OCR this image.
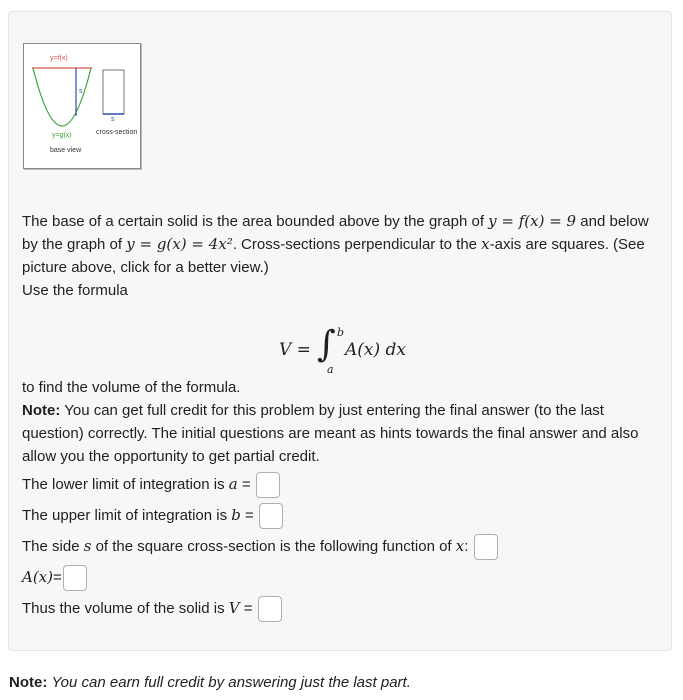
y=f(x)
s
s
y=g(x)	cross-section
base view
The base of a certain solid is the area bounded above by the graph of y = f(x) = 9 and below by the graph of y = g(x) = 4x². Cross-sections perpendicular to the x-axis are squares. (See picture above, click for a better view.)
Use the formula
V = ∫ b
a
A(x) dx
to find the volume of the formula.
Note: You can get full credit for this problem by just entering the final answer (to the last question) correctly. The initial questions are meant as hints towards the final answer and also allow you the opportunity to get partial credit.
The lower limit of integration is a =
The upper limit of integration is b =
The side s of the square cross-section is the following function of x:
A(x)=
Thus the volume of the solid is V =
Note: You can earn full credit by answering just the last part.
